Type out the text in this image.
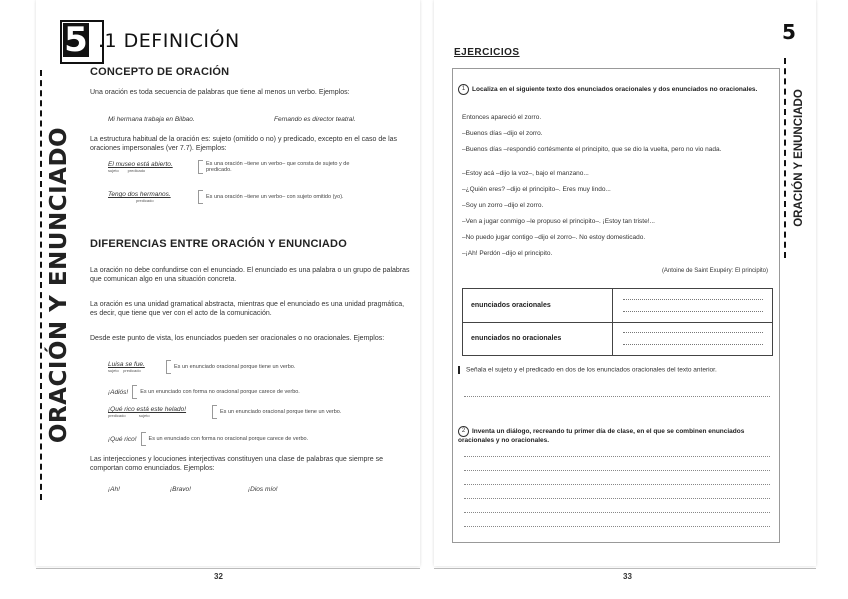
5 .1 DEFINICIÓN
ORACIÓN Y ENUNCIADO
CONCEPTO DE ORACIÓN
Una oración es toda secuencia de palabras que tiene al menos un verbo. Ejemplos:
Mi hermana trabaja en Bilbao.	Fernando es director teatral.
La estructura habitual de la oración es: sujeto (omitido o no) y predicado, excepto en el caso de las oraciones impersonales (ver 7.7). Ejemplos:
El museo está abierto.
sujeto predicado
Es una oración –tiene un verbo– que consta de sujeto y de predicado.
Tengo dos hermanos.
predicado
Es una oración –tiene un verbo– con sujeto omitido (yo).
DIFERENCIAS ENTRE ORACIÓN Y ENUNCIADO
La oración no debe confundirse con el enunciado. El enunciado es una palabra o un grupo de palabras que comunican algo en una situación concreta.
La oración es una unidad gramatical abstracta, mientras que el enunciado es una unidad pragmática, es decir, que tiene que ver con el acto de la comunicación.
Desde este punto de vista, los enunciados pueden ser oracionales o no oracionales. Ejemplos:
Luisa se fue.
sujeto predicado
Es un enunciado oracional porque tiene un verbo.
¡Adiós! Es un enunciado con forma no oracional porque carece de verbo.
¡Qué rico está este helado!
predicado	sujeto
Es un enunciado oracional porque tiene un verbo.
¡Qué rico! Es un enunciado con forma no oracional porque carece de verbo.
Las interjecciones y locuciones interjectivas constituyen una clase de palabras que siempre se comportan como enunciados. Ejemplos:
¡Ah!	¡Bravo!	¡Dios mío!
EJERCICIOS
5
ORACIÓN Y ENUNCIADO
1 Localiza en el siguiente texto dos enunciados oracionales y dos enunciados no oracionales.
Entonces apareció el zorro.
–Buenos días –dijo el zorro.
–Buenos días –respondió cortésmente el principito, que se dio la vuelta, pero no vio nada.
–Estoy acá –dijo la voz–, bajo el manzano...
–¿Quién eres? –dijo el principito–. Eres muy lindo...
–Soy un zorro –dijo el zorro.
–Ven a jugar conmigo –le propuso el principito–. ¡Estoy tan triste!...
–No puedo jugar contigo –dijo el zorro–. No estoy domesticado.
–¡Ah! Perdón –dijo el principito.
(Antoine de Saint Exupéry: El principito)
enunciados oracionales
enunciados no oracionales
Señala el sujeto y el predicado en dos de los enunciados oracionales del texto anterior.
2 Inventa un diálogo, recreando tu primer día de clase, en el que se combinen enunciados oracionales y no oracionales.
32	33
